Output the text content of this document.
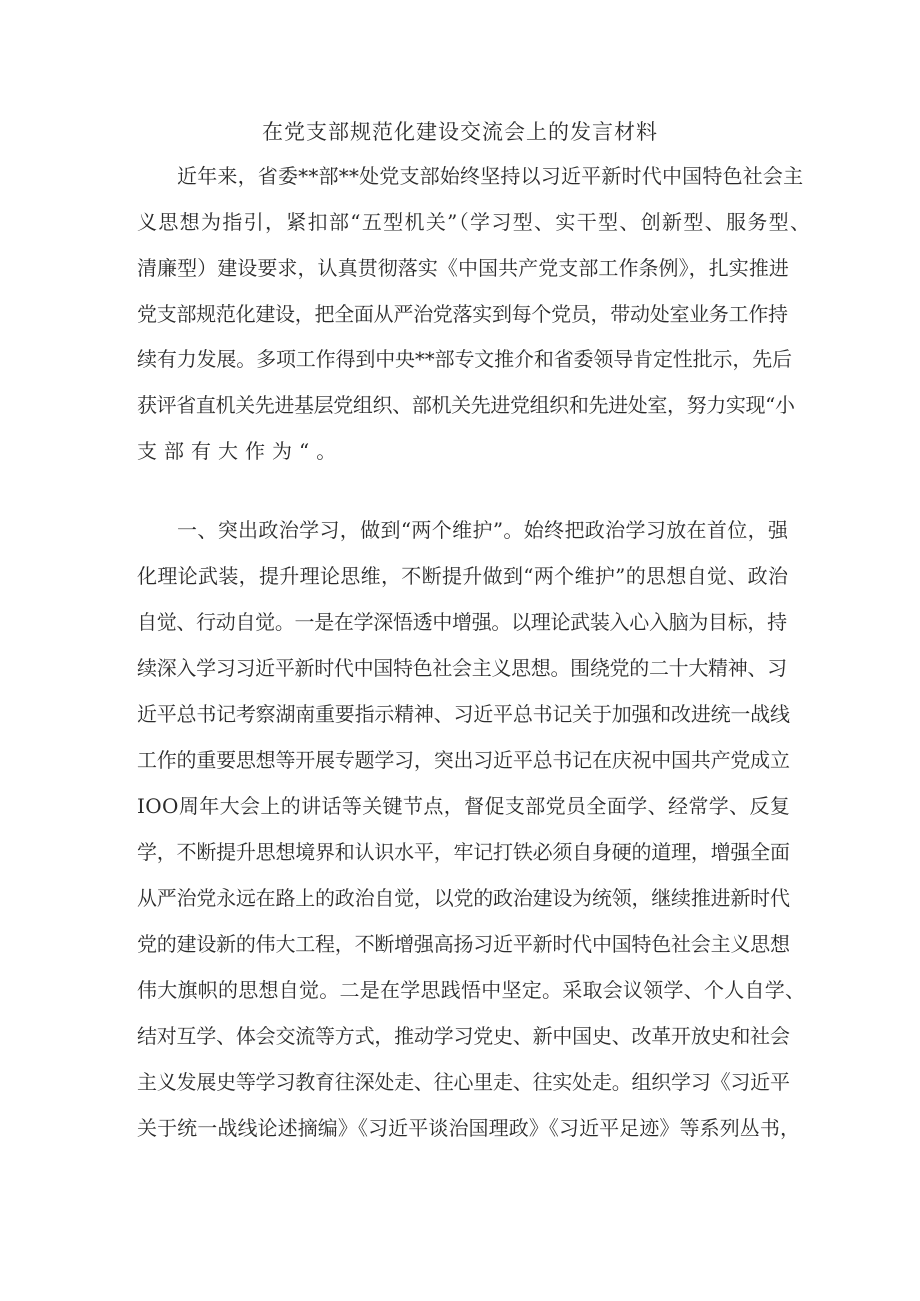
在党支部规范化建设交流会上的发言材料
近年来，省委**部**处党支部始终坚持以习近平新时代中国特色社会主
义思想为指引，紧扣部“五型机关”（学习型、实干型、创新型、服务型、
清廉型）建设要求，认真贯彻落实《中国共产党支部工作条例》，扎实推进
党支部规范化建设，把全面从严治党落实到每个党员，带动处室业务工作持
续有力发展。多项工作得到中央**部专文推介和省委领导肯定性批示，先后
获评省直机关先进基层党组织、部机关先进党组织和先进处室，努力实现“小
支部有大作为“。
一、突出政治学习，做到“两个维护”。始终把政治学习放在首位，强
化理论武装，提升理论思维，不断提升做到“两个维护”的思想自觉、政治
自觉、行动自觉。一是在学深悟透中增强。以理论武装入心入脑为目标，持
续深入学习习近平新时代中国特色社会主义思想。围绕党的二十大精神、习
近平总书记考察湖南重要指示精神、习近平总书记关于加强和改进统一战线
工作的重要思想等开展专题学习，突出习近平总书记在庆祝中国共产党成立
IOO周年大会上的讲话等关键节点，督促支部党员全面学、经常学、反复
学，不断提升思想境界和认识水平，牢记打铁必须自身硬的道理，增强全面
从严治党永远在路上的政治自觉，以党的政治建设为统领，继续推进新时代
党的建设新的伟大工程，不断增强高扬习近平新时代中国特色社会主义思想
伟大旗帜的思想自觉。二是在学思践悟中坚定。采取会议领学、个人自学、
结对互学、体会交流等方式，推动学习党史、新中国史、改革开放史和社会
主义发展史等学习教育往深处走、往心里走、往实处走。组织学习《习近平
关于统一战线论述摘编》《习近平谈治国理政》《习近平足迹》等系列丛书，
